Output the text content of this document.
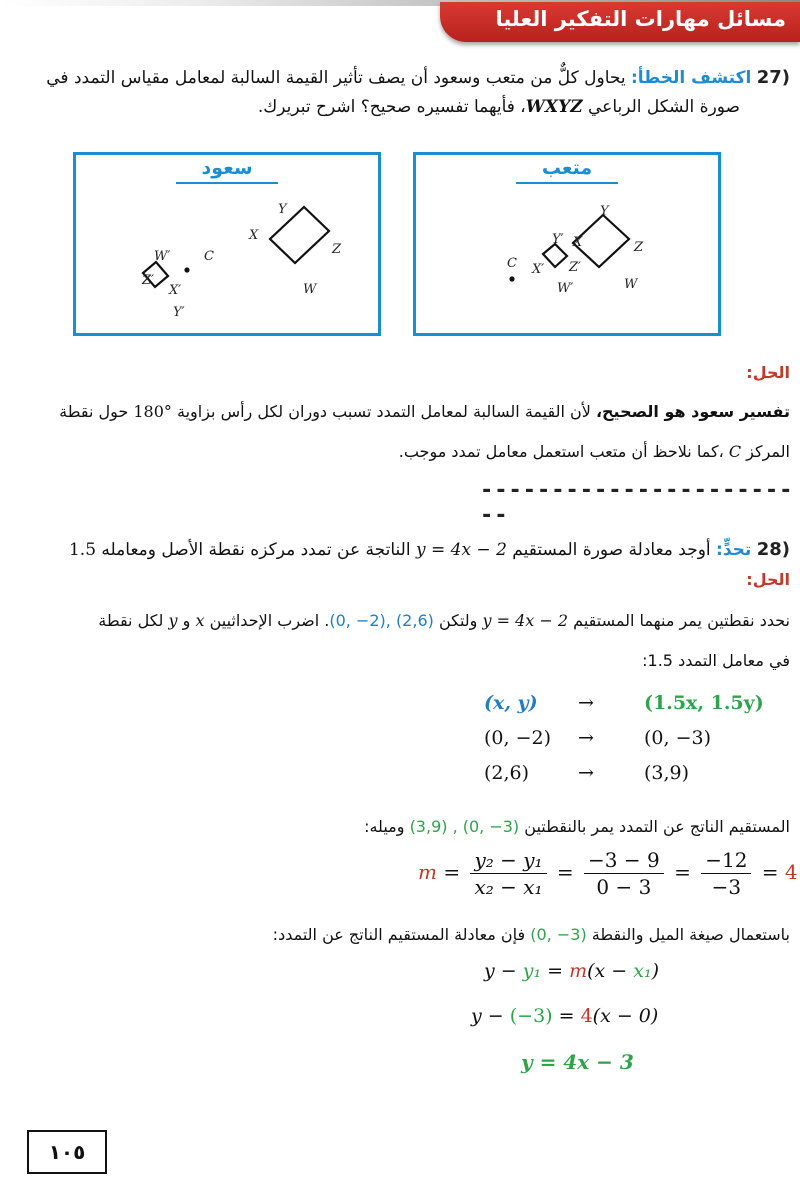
مسائل مهارات التفكير العليا
27) اكتشف الخطأ: يحاول كلٌّ من متعب وسعود أن يصف تأثير القيمة السالبة لمعامل مقياس التمدد في
صورة الشكل الرباعي WXYZ، فأيهما تفسيره صحيح؟ اشرح تبريرك.
سعود
Y
X
Z
W
C
W′
Z′
X′
Y′
متعب
Y
X	Z
W
C
Y′
X′ Z′
W′
الحل:
تفسير سعود هو الصحيح، لأن القيمة السالبة لمعامل التمدد تسبب دوران لكل رأس بزاوية 180° حول نقطة
المركز C ،كما نلاحظ أن متعب استعمل معامل تمدد موجب.
------------------------
28) تحدٍّ: أوجد معادلة صورة المستقيم y = 4x − 2 الناتجة عن تمدد مركزه نقطة الأصل ومعامله 1.5
الحل:
نحدد نقطتين يمر منهما المستقيم y = 4x − 2 ولتكن (0, −2), (2,6). اضرب الإحداثيين x و y لكل نقطة
في معامل التمدد 1.5:
(x, y) →	(1.5x, 1.5y)
(0, −2) →	(0, −3)
(2,6)	→	(3,9)
المستقيم الناتج عن التمدد يمر بالنقطتين (3,9) , (0, −3) وميله:
$m = \frac{\text{y₂ − y₁}}{\text{x₂ − x₁}} = \frac{-3 - 9}{0 - 3} = \frac{-12}{-3} = 4$
باستعمال صيغة الميل والنقطة (0, −3) فإن معادلة المستقيم الناتج عن التمدد:
y − y₁ = m(x − x₁)
y − (−3) = 4(x − 0)
y = 4x − 3
١٠٥
